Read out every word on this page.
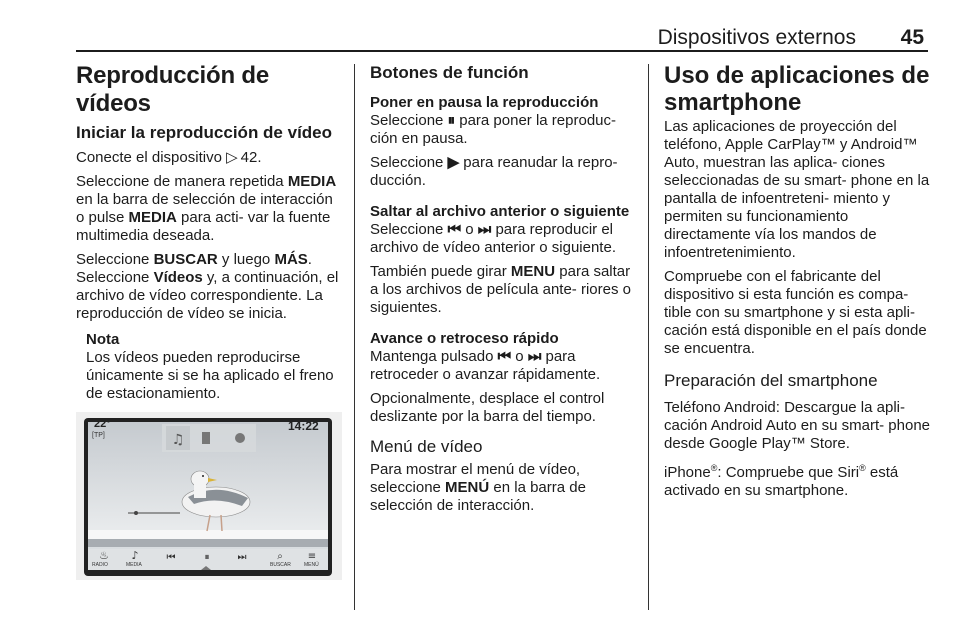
Dispositivos externos 45
Reproducción de vídeos
Iniciar la reproducción de vídeo

Conecte el dispositivo ▷ 42.

Seleccione de manera repetida MEDIA en la barra de selección de interacción o pulse MEDIA para acti- var la fuente multimedia deseada.

Seleccione BUSCAR y luego MÁS. Seleccione Vídeos y, a continuación, el archivo de vídeo correspondiente. La reproducción de vídeo se inicia.

Nota

Los vídeos pueden reproducirse únicamente si se ha aplicado el freno de estacionamiento.

♫
♨ ♪	⏮	⏸	⏭	⌕	≡
22°
[TP]
14:22
RADIO	MEDIA	BUSCAR	MENÚ
Botones de función
Poner en pausa la reproducción

Seleccione ⏸ para poner la reproduc- ción en pausa.

Seleccione ▶ para reanudar la repro- ducción.

Saltar al archivo anterior o siguiente

Seleccione ⏮ o ⏭ para reproducir el archivo de vídeo anterior o siguiente.

También puede girar MENU para saltar a los archivos de película ante- riores o siguientes.

Avance o retroceso rápido

Mantenga pulsado ⏮ o ⏭ para retroceder o avanzar rápidamente.

Opcionalmente, desplace el control deslizante por la barra del tiempo.

Menú de vídeo

Para mostrar el menú de vídeo, seleccione MENÚ en la barra de selección de interacción.

Uso de aplicaciones de smartphone

Las aplicaciones de proyección del teléfono, Apple CarPlay™ y Android™ Auto, muestran las aplica- ciones seleccionadas de su smart- phone en la pantalla de infoentreteni- miento y permiten su funcionamiento directamente vía los mandos de infoentretenimiento.

Compruebe con el fabricante del dispositivo si esta función es compa- tible con su smartphone y si esta apli- cación está disponible en el país donde se encuentra.

Preparación del smartphone

Teléfono Android: Descargue la apli- cación Android Auto en su smart- phone desde Google Play™ Store.

iPhone®: Compruebe que Siri® está activado en su smartphone.
